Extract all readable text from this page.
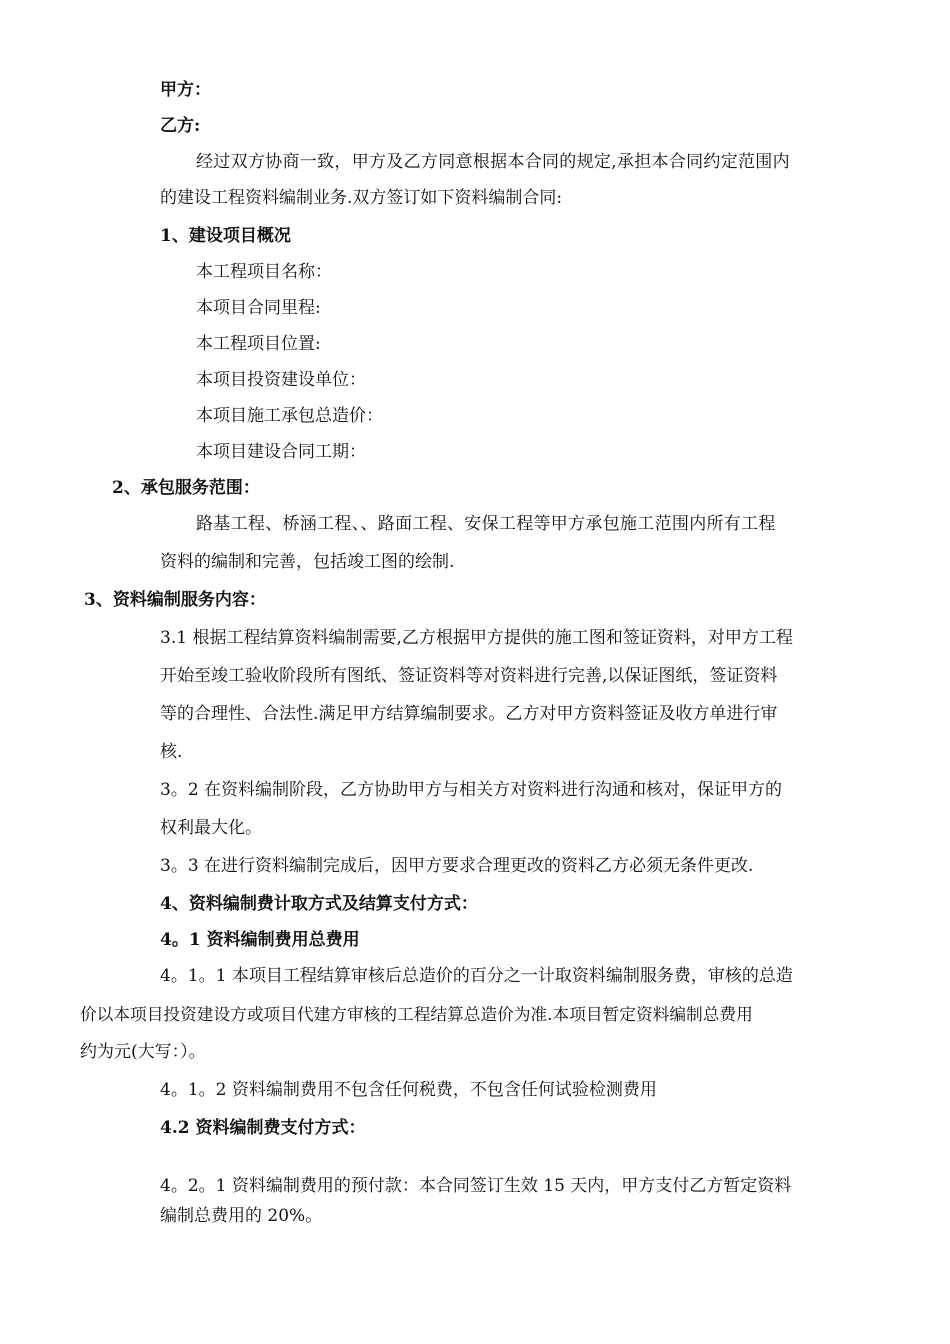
甲方：
乙方:
经过双方协商一致，甲方及乙方同意根据本合同的规定,承担本合同约定范围内
的建设工程资料编制业务.双方签订如下资料编制合同:
1、建设项目概况
本工程项目名称：
本项目合同里程:
本工程项目位置:
本项目投资建设单位：
本项目施工承包总造价：
本项目建设合同工期：
2、承包服务范围：
路基工程、桥涵工程、、路面工程、安保工程等甲方承包施工范围内所有工程
资料的编制和完善，包括竣工图的绘制.
3、资料编制服务内容：
3.1 根据工程结算资料编制需要,乙方根据甲方提供的施工图和签证资料，对甲方工程
开始至竣工验收阶段所有图纸、签证资料等对资料进行完善,以保证图纸，签证资料
等的合理性、合法性.满足甲方结算编制要求。乙方对甲方资料签证及收方单进行审
核.
3。2 在资料编制阶段，乙方协助甲方与相关方对资料进行沟通和核对，保证甲方的
权利最大化。
3。3 在进行资料编制完成后，因甲方要求合理更改的资料乙方必须无条件更改.
4、资料编制费计取方式及结算支付方式：
4。1 资料编制费用总费用
4。1。1 本项目工程结算审核后总造价的百分之一计取资料编制服务费，审核的总造
价以本项目投资建设方或项目代建方审核的工程结算总造价为准.本项目暂定资料编制总费用
约为元(大写：）。
4。1。2 资料编制费用不包含任何税费，不包含任何试验检测费用
4.2 资料编制费支付方式：
4。2。1 资料编制费用的预付款：本合同签订生效 15 天内，甲方支付乙方暂定资料
编制总费用的 20%。
